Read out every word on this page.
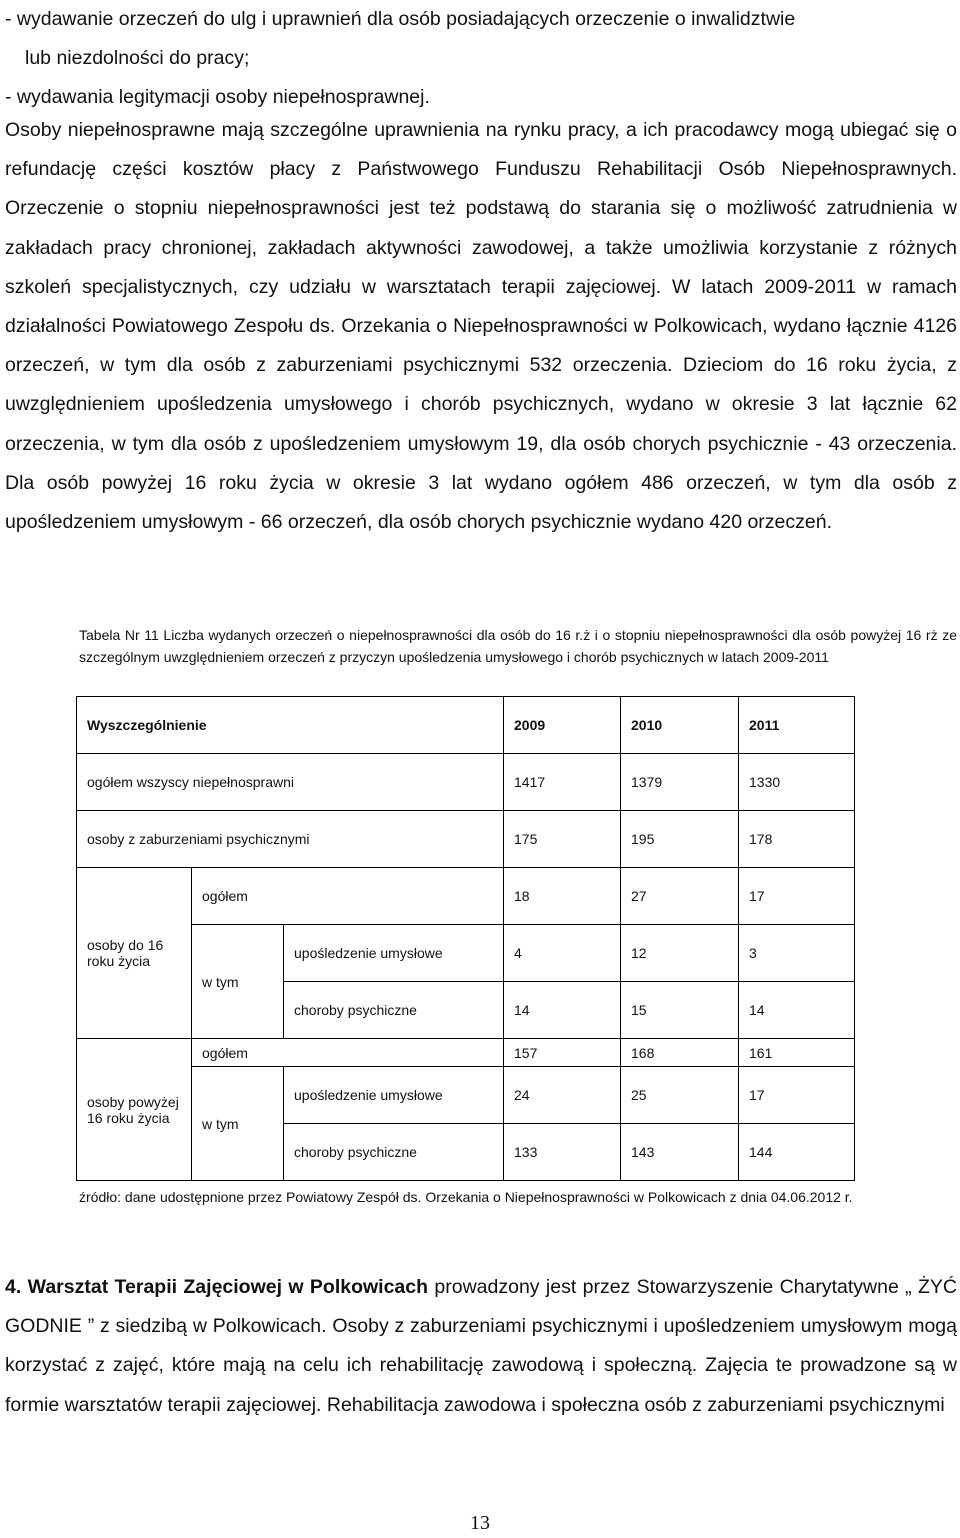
- wydawanie orzeczeń do ulg i uprawnień dla osób posiadających orzeczenie o inwalidztwie
lub niezdolności do pracy;
- wydawania legitymacji osoby niepełnosprawnej.

Osoby niepełnosprawne mają szczególne uprawnienia na rynku pracy, a ich pracodawcy mogą ubiegać się o refundację części kosztów płacy z Państwowego Funduszu Rehabilitacji Osób Niepełnosprawnych. Orzeczenie o stopniu niepełnosprawności jest też podstawą do starania się o możliwość zatrudnienia w zakładach pracy chronionej, zakładach aktywności zawodowej, a także umożliwia korzystanie z różnych szkoleń specjalistycznych, czy udziału w warsztatach terapii zajęciowej. W latach 2009-2011 w ramach działalności Powiatowego Zespołu ds. Orzekania o Niepełnosprawności w Polkowicach, wydano łącznie 4126 orzeczeń, w tym dla osób z zaburzeniami psychicznymi 532 orzeczenia. Dzieciom do 16 roku życia, z uwzględnieniem upośledzenia umysłowego i chorób psychicznych, wydano w okresie 3 lat łącznie 62 orzeczenia, w tym dla osób z upośledzeniem umysłowym 19, dla osób chorych psychicznie - 43 orzeczenia. Dla osób powyżej 16 roku życia w okresie 3 lat wydano ogółem 486 orzeczeń, w tym dla osób z upośledzeniem umysłowym - 66 orzeczeń, dla osób chorych psychicznie wydano 420 orzeczeń.

Tabela Nr 11 Liczba wydanych orzeczeń o niepełnosprawności dla osób do 16 r.ż i o stopniu niepełnosprawności dla osób powyżej 16 rż ze szczególnym uwzględnieniem orzeczeń z przyczyn upośledzenia umysłowego i chorób psychicznych w latach 2009-2011

Wyszczególnienie			2009	2010	2011
ogółem wszyscy niepełnosprawni			1417	1379	1330
osoby z zaburzeniami psychicznymi			175	195	178
osoby do 16 roku życia	ogółem		18	27	17
	w tym	upośledzenie umysłowe	4	12	3
		choroby psychiczne	14	15	14
osoby powyżej 16 roku życia	ogółem		157	168	161
	w tym	upośledzenie umysłowe	24	25	17
		choroby psychiczne	133	143	144

źródło: dane udostępnione przez Powiatowy Zespół ds. Orzekania o Niepełnosprawności w Polkowicach z dnia 04.06.2012 r.

4. Warsztat Terapii Zajęciowej w Polkowicach prowadzony jest przez Stowarzyszenie Charytatywne „ ŻYĆ GODNIE ” z siedzibą w Polkowicach. Osoby z zaburzeniami psychicznymi i upośledzeniem umysłowym mogą korzystać z zajęć, które mają na celu ich rehabilitację zawodową i społeczną. Zajęcia te prowadzone są w formie warsztatów terapii zajęciowej. Rehabilitacja zawodowa i społeczna osób z zaburzeniami psychicznymi

13
